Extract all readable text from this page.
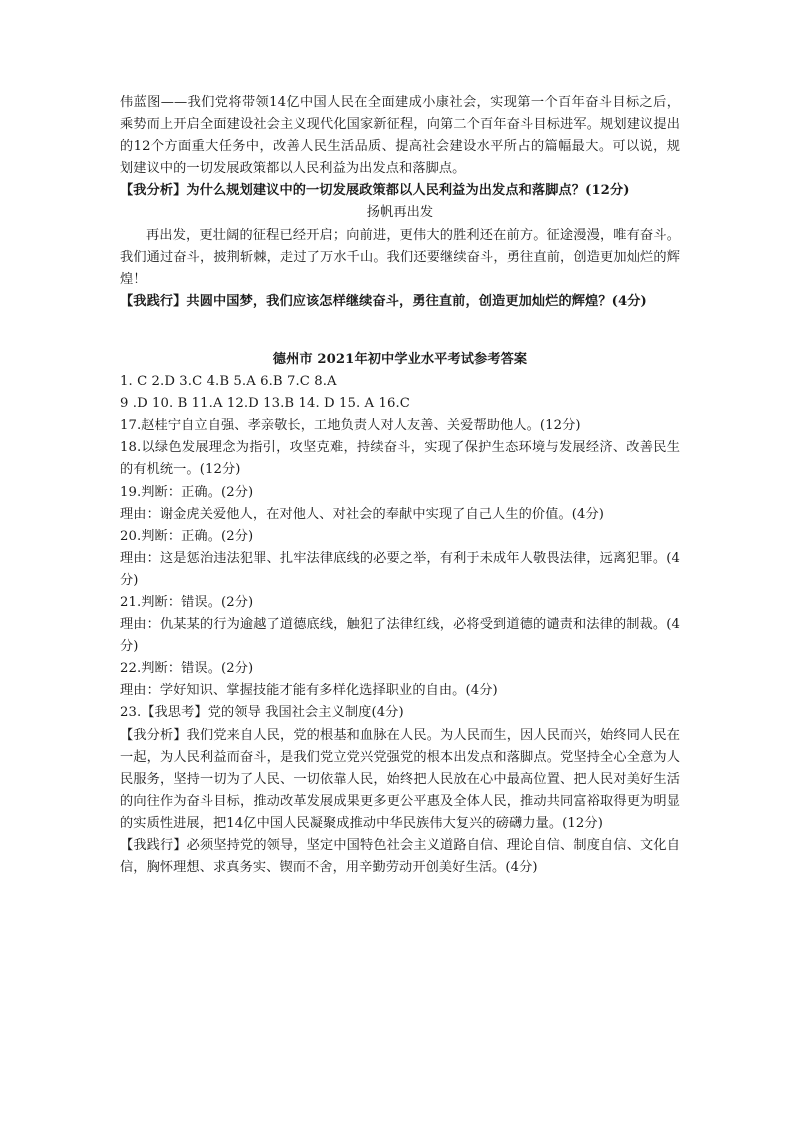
伟蓝图——我们党将带领14亿中国人民在全面建成小康社会，实现第一个百年奋斗目标之后，乘势而上开启全面建设社会主义现代化国家新征程，向第二个百年奋斗目标进军。规划建议提出的12个方面重大任务中，改善人民生活品质、提高社会建设水平所占的篇幅最大。可以说，规划建议中的一切发展政策都以人民利益为出发点和落脚点。

【我分析】为什么规划建议中的一切发展政策都以人民利益为出发点和落脚点？(12分)

扬帆再出发

再出发，更壮阔的征程已经开启；向前进，更伟大的胜利还在前方。征途漫漫，唯有奋斗。我们通过奋斗，披荆斩棘，走过了万水千山。我们还要继续奋斗，勇往直前，创造更加灿烂的辉煌！

【我践行】共圆中国梦，我们应该怎样继续奋斗，勇往直前，创造更加灿烂的辉煌？(4分)

德州市 2021年初中学业水平考试参考答案

1. C 2.D 3.C 4.B 5.A 6.B 7.C 8.A

9 .D 10. B 11.A 12.D 13.B 14. D 15. A 16.C

17.赵桂宁自立自强、孝亲敬长，工地负责人对人友善、关爱帮助他人。(12分)

18.以绿色发展理念为指引，攻坚克难，持续奋斗，实现了保护生态环境与发展经济、改善民生的有机统一。(12分)

19.判断：正确。(2分)

理由：谢金虎关爱他人，在对他人、对社会的奉献中实现了自己人生的价值。(4分)

20.判断：正确。(2分)

理由：这是惩治违法犯罪、扎牢法律底线的必要之举，有利于未成年人敬畏法律，远离犯罪。(4分)

21.判断：错误。(2分)

理由：仇某某的行为逾越了道德底线，触犯了法律红线，必将受到道德的谴责和法律的制裁。(4分)

22.判断：错误。(2分)

理由：学好知识、掌握技能才能有多样化选择职业的自由。(4分)

23.【我思考】党的领导 我国社会主义制度(4分)

【我分析】我们党来自人民，党的根基和血脉在人民。为人民而生，因人民而兴，始终同人民在一起，为人民利益而奋斗，是我们党立党兴党强党的根本出发点和落脚点。党坚持全心全意为人民服务，坚持一切为了人民、一切依靠人民，始终把人民放在心中最高位置、把人民对美好生活的向往作为奋斗目标，推动改革发展成果更多更公平惠及全体人民，推动共同富裕取得更为明显的实质性进展，把14亿中国人民凝聚成推动中华民族伟大复兴的磅礴力量。(12分)

【我践行】必须坚持党的领导，坚定中国特色社会主义道路自信、理论自信、制度自信、文化自信，胸怀理想、求真务实、锲而不舍，用辛勤劳动开创美好生活。(4分)
